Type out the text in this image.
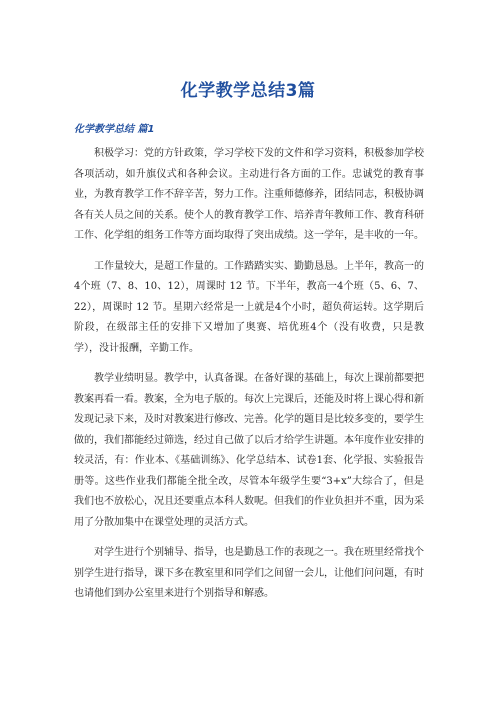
化学教学总结3篇
化学教学总结 篇1

积极学习：党的方针政策，学习学校下发的文件和学习资料，积极参加学校各项活动，如升旗仪式和各种会议。主动进行各方面的工作。忠诚党的教育事业，为教育教学工作不辞辛苦，努力工作。注重师德修养，团结同志，积极协调各有关人员之间的关系。使个人的教育教学工作、培养青年教师工作、教育科研工作、化学组的组务工作等方面均取得了突出成绩。这一学年，是丰收的一年。

工作量较大，是超工作量的。工作踏踏实实、勤勤恳恳。上半年，教高一的4个班（7、8、10、12），周课时 12 节。下半年，教高一4个班（5、6、7、22），周课时 12 节。星期六经常是一上就是4个小时，超负荷运转。这学期后阶段，在级部主任的安排下又增加了奥赛、培优班4个（没有收费，只是教学），没计报酬，辛勤工作。

教学业绩明显。教学中，认真备课。在备好课的基础上，每次上课前都要把教案再看一看。教案，全为电子版的。每次上完课后，还能及时将上课心得和新发现记录下来，及时对教案进行修改、完善。化学的题目是比较多变的，要学生做的，我们都能经过筛选，经过自己做了以后才给学生讲题。本年度作业安排的较灵活，有：作业本、《基础训练》、化学总结本、试卷1套、化学报、实验报告册等。这些作业我们都能全批全改，尽管本年级学生要“3+x”大综合了，但是我们也不放松心，况且还要重点本科人数呢。但我们的作业负担并不重，因为采用了分散加集中在课堂处理的灵活方式。

对学生进行个别辅导、指导，也是勤恳工作的表现之一。我在班里经常找个别学生进行指导，课下多在教室里和同学们之间留一会儿，让他们问问题，有时也请他们到办公室里来进行个别指导和解惑。
